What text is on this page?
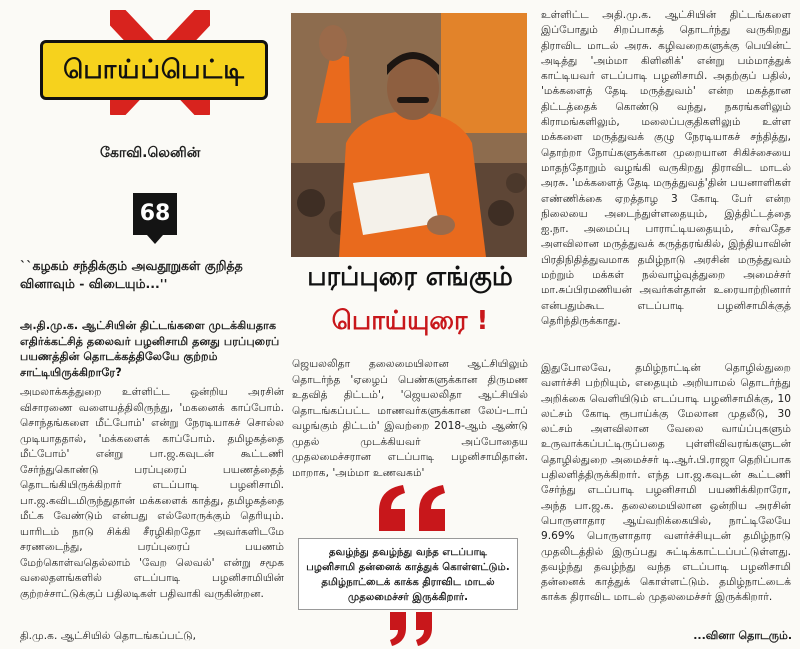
பொய்ப்பெட்டி
கோவி.லெனின்
68
``கழகம் சந்திக்கும் அவதூறுகள் குறித்த வினாவும் - விடையும்...''
அ.தி.மு.க. ஆட்சியின் திட்டங்களை முடக்கியதாக எதிர்க்கட்சித் தலைவர் பழனிசாமி தனது பரப்புரைப் பயணத்தின் தொடக்கத்திலேயே குற்றம் சாட்டியிருக்கிறாரே?
அமலாக்கத்துறை உள்ளிட்ட ஒன்றிய அரசின் விசாரணை வளையத்திலிருந்து, 'மகனைக் காப்போம். சொந்தங்களை மீட்போம்' என்று நேரடியாகச் சொல்ல முடியாததால், 'மக்களைக் காப்போம். தமிழகத்தை மீட்போம்' என்று பா.ஜ.கவுடன் கூட்டணி சேர்ந்துகொண்டு பரப்புரைப் பயணத்தைத் தொடங்கியிருக்கிறார் எடப்பாடி பழனிசாமி. பா.ஜ.கவிடமிருந்துதான் மக்களைக் காத்து, தமிழகத்தை மீட்க வேண்டும் என்பது எல்லோருக்கும் தெரியும். யாரிடம் நாடு சிக்கி சீரழிகிறதோ அவர்களிடமே சரணடைந்து, பரப்புரைப் பயணம் மேற்கொள்வதெல்லாம் 'வேற லெவல்' என்று சமூக வலைதளங்களில் எடப்பாடி பழனிசாமியின் குற்றச்சாட்டுக்குப் பதிலடிகள் பதிவாகி வருகின்றன.
தி.மு.க. ஆட்சியில் தொடங்கப்பட்டு,
பரப்புரை எங்கும்
பொய்யுரை !
ஜெயலலிதா தலைமையிலான ஆட்சியிலும் தொடர்ந்த 'ஏழைப் பெண்களுக்கான திருமண உதவித் திட்டம்', 'ஜெயலலிதா ஆட்சியில் தொடங்கப்பட்ட மாணவர்களுக்கான லேப்-டாப் வழங்கும் திட்டம்' இவற்றை 2018-ஆம் ஆண்டு முதல் முடக்கியவர் அப்போதைய முதலமைச்சரான எடப்பாடி பழனிசாமிதான். மாறாக, 'அம்மா உணவகம்'
தவழ்ந்து தவழ்ந்து வந்த எடப்பாடி பழனிசாமி தன்னைக் காத்துக் கொள்ளட்டும். தமிழ்நாட்டைக் காக்க திராவிட மாடல் முதலமைச்சர் இருக்கிறார்.
உள்ளிட்ட அதி.மு.க. ஆட்சியின் திட்டங்களை இப்போதும் சிறப்பாகத் தொடர்ந்து வருகிறது திராவிட மாடல் அரசு. கழிவறைகளுக்கு பெயின்ட் அடித்து 'அம்மா கிளினிக்' என்று பம்மாத்துக் காட்டியவர் எடப்பாடி பழனிசாமி. அதற்குப் பதில், 'மக்களைத் தேடி மருத்துவம்' என்ற மகத்தான திட்டத்தைக் கொண்டு வந்து, நகரங்களிலும் கிராமங்களிலும், மலைப்பகுதிகளிலும் உள்ள மக்களை மருத்துவக் குழு நேரடியாகச் சந்தித்து, தொற்றா நோய்களுக்கான முறையான சிகிச்சையை மாதந்தோறும் வழங்கி வருகிறது திராவிட மாடல் அரசு. 'மக்களைத் தேடி மருத்துவத்'தின் பயனாளிகள் எண்ணிக்கை ஏறத்தாழ 3 கோடி பேர் என்ற நிலையை அடைந்துள்ளதையும், இத்திட்டத்தை ஐ.நா. அமைப்பு பாராட்டியதையும், சர்வதேச அளவிலான மருத்துவக் கருத்தரங்கில், இந்தியாவின் பிரதிநிதித்துவமாக தமிழ்நாடு அரசின் மருத்துவம் மற்றும் மக்கள் நல்வாழ்வுத்துறை அமைச்சர் மா.சுப்பிரமணியன் அவர்கள்தான் உரையாற்றினார் என்பதும்கூட எடப்பாடி பழனிசாமிக்குத் தெரிந்திருக்காது.
இதுபோலவே, தமிழ்நாட்டின் தொழில்துறை வளர்ச்சி பற்றியும், எதையும் அறியாமல் தொடர்ந்து அறிக்கை வெளியிடும் எடப்பாடி பழனிசாமிக்கு, 10 லட்சம் கோடி ரூபாய்க்கு மேலான முதலீடு, 30 லட்சம் அளவிலான வேலை வாய்ப்புகளும் உருவாக்கப்பட்டிருப்பதை புள்ளிவிவரங்களுடன் தொழில்துறை அமைச்சர் டி.ஆர்.பி.ராஜா தெறிப்பாக பதிலளித்திருக்கிறார். எந்த பா.ஜ.கவுடன் கூட்டணி சேர்ந்து எடப்பாடி பழனிசாமி பயணிக்கிறாரோ, அந்த பா.ஜ.க. தலைமையிலான ஒன்றிய அரசின் பொருளாதார ஆய்வறிக்கையில், நாட்டிலேயே 9.69% பொருளாதார வளர்ச்சியுடன் தமிழ்நாடு முதலிடத்தில் இருப்பது சுட்டிக்காட்டப்பட்டுள்ளது. தவழ்ந்து தவழ்ந்து வந்த எடப்பாடி பழனிசாமி தன்னைக் காத்துக் கொள்ளட்டும். தமிழ்நாட்டைக் காக்க திராவிட மாடல் முதலமைச்சர் இருக்கிறார்.
...வினா தொடரும்.
